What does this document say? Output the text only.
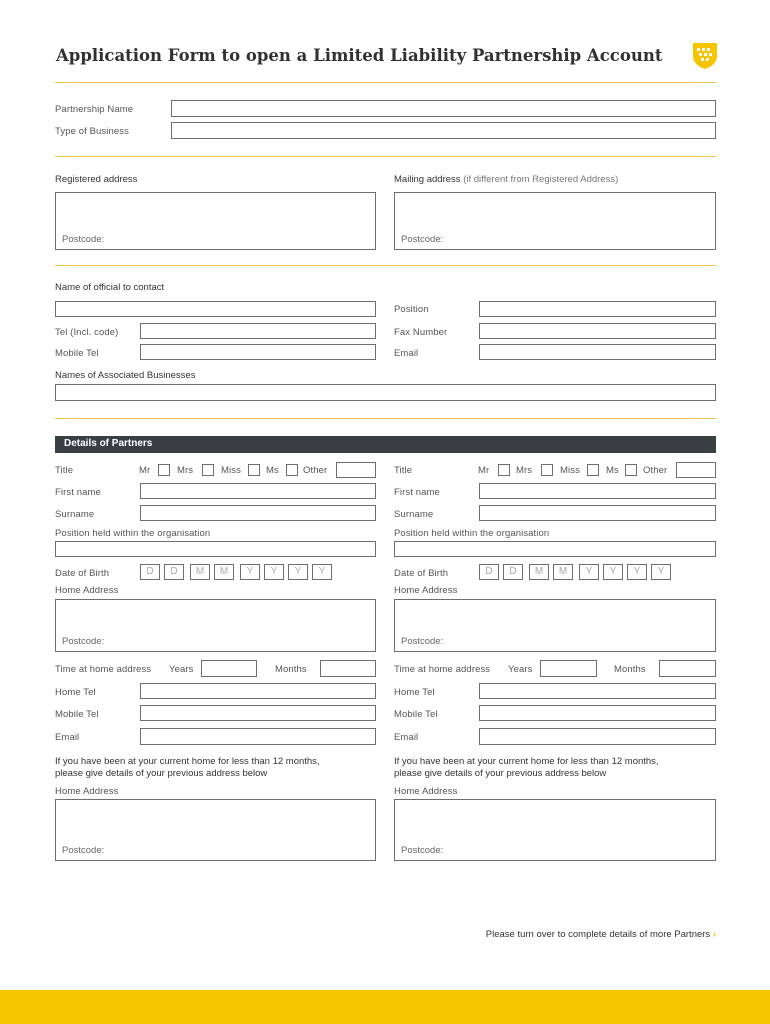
Application Form to open a Limited Liability Partnership Account
Partnership Name
Type of Business
Registered address
Postcode:
Mailing address (if different from Registered Address)
Postcode:
Name of official to contact
Position
Tel (Incl. code)	Fax Number
Mobile Tel	Email
Names of Associated Businesses
Details of Partners
Title	Mr	Mrs	Miss	Ms	Other
First name
Surname
Position held within the organisation
Date of Birth	D	D	M	M	Y	Y	Y	Y
Home Address
Postcode:
Time at home address Years	Months
Home Tel
Mobile Tel
Email
If you have been at your current home for less than 12 months,
please give details of your previous address below
Home Address
Postcode:
Title	Mr	Mrs	Miss	Ms	Other
First name
Surname
Position held within the organisation
Date of Birth	D	D	M	M	Y	Y	Y	Y
Home Address
Postcode:
Time at home address Years	Months
Home Tel
Mobile Tel
Email
If you have been at your current home for less than 12 months,
please give details of your previous address below
Home Address
Postcode:
Please turn over to complete details of more Partners ›
